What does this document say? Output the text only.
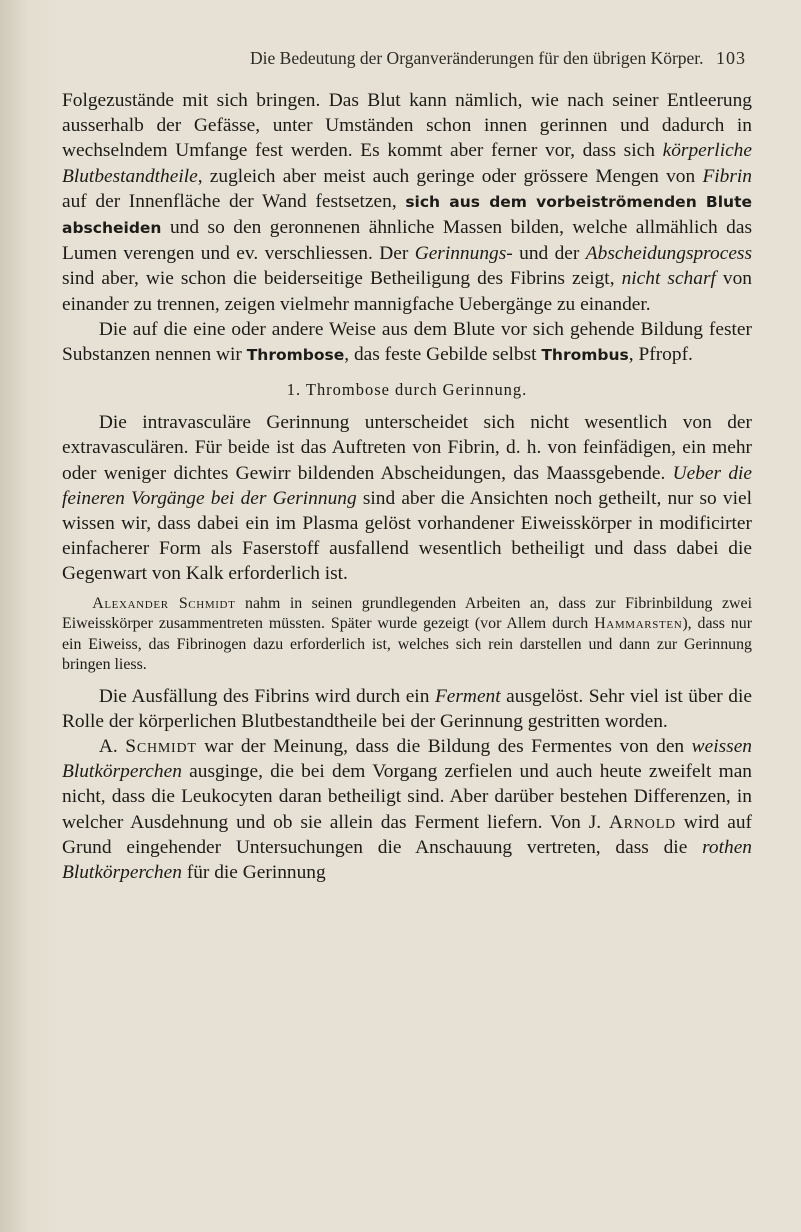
Die Bedeutung der Organveränderungen für den übrigen Körper. 103

Folgezustände mit sich bringen. Das Blut kann nämlich, wie nach seiner Entleerung ausserhalb der Gefässe, unter Umständen schon innen gerinnen und dadurch in wechselndem Umfange fest werden. Es kommt aber ferner vor, dass sich körperliche Blutbestandtheile, zugleich aber meist auch geringe oder grössere Mengen von Fibrin auf der Innenfläche der Wand festsetzen, sich aus dem vorbeiströmenden Blute abscheiden und so den geronnenen ähnliche Massen bilden, welche allmählich das Lumen verengen und ev. verschliessen. Der Gerinnungs- und der Abscheidungsprocess sind aber, wie schon die beiderseitige Betheiligung des Fibrins zeigt, nicht scharf von einander zu trennen, zeigen vielmehr mannigfache Uebergänge zu einander.

Die auf die eine oder andere Weise aus dem Blute vor sich gehende Bildung fester Substanzen nennen wir Thrombose, das feste Gebilde selbst Thrombus, Pfropf.

1. Thrombose durch Gerinnung.

Die intravasculäre Gerinnung unterscheidet sich nicht wesentlich von der extravasculären. Für beide ist das Auftreten von Fibrin, d. h. von feinfädigen, ein mehr oder weniger dichtes Gewirr bildenden Abscheidungen, das Maassgebende. Ueber die feineren Vorgänge bei der Gerinnung sind aber die Ansichten noch getheilt, nur so viel wissen wir, dass dabei ein im Plasma gelöst vorhandener Eiweisskörper in modificirter einfacherer Form als Faserstoff ausfallend wesentlich betheiligt und dass dabei die Gegenwart von Kalk erforderlich ist.

Alexander Schmidt nahm in seinen grundlegenden Arbeiten an, dass zur Fibrinbildung zwei Eiweisskörper zusammentreten müssten. Später wurde gezeigt (vor Allem durch Hammarsten), dass nur ein Eiweiss, das Fibrinogen dazu erforderlich ist, welches sich rein darstellen und dann zur Gerinnung bringen liess.

Die Ausfällung des Fibrins wird durch ein Ferment ausgelöst. Sehr viel ist über die Rolle der körperlichen Blutbestandtheile bei der Gerinnung gestritten worden.

A. Schmidt war der Meinung, dass die Bildung des Fermentes von den weissen Blutkörperchen ausginge, die bei dem Vorgang zerfielen und auch heute zweifelt man nicht, dass die Leukocyten daran betheiligt sind. Aber darüber bestehen Differenzen, in welcher Ausdehnung und ob sie allein das Ferment liefern. Von J. Arnold wird auf Grund eingehender Untersuchungen die Anschauung vertreten, dass die rothen Blutkörperchen für die Gerinnung
